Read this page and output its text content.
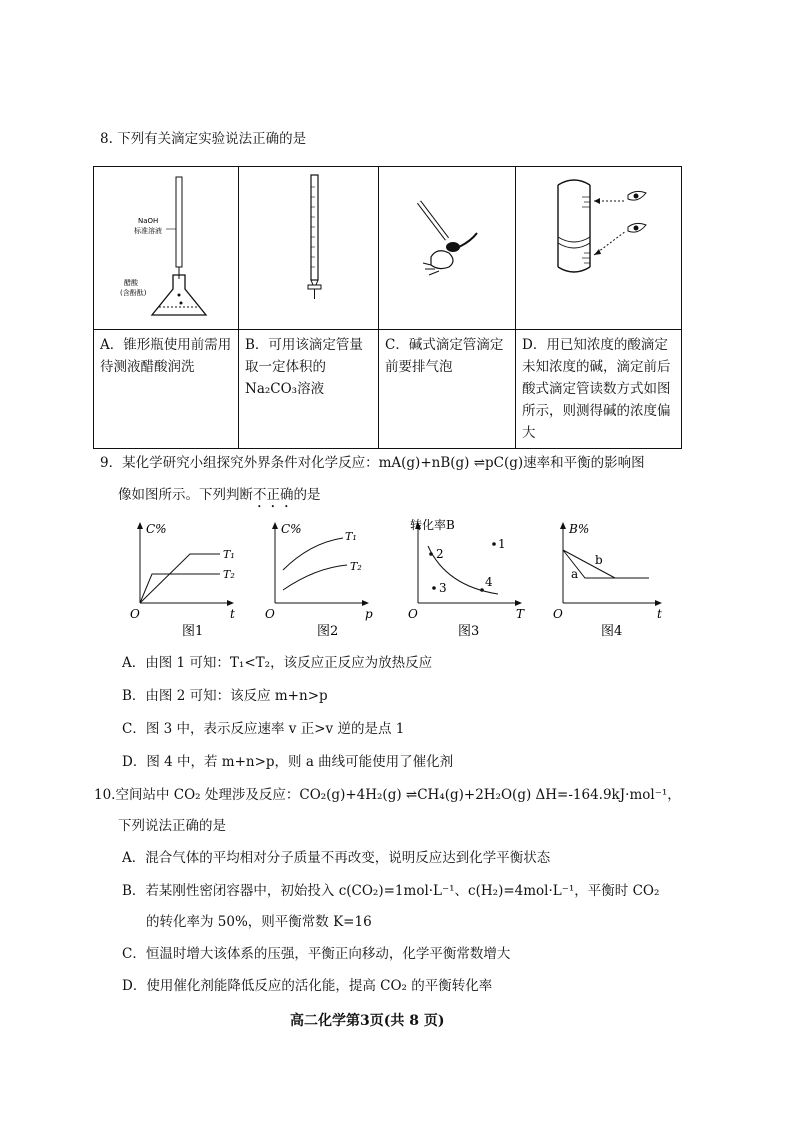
8. 下列有关滴定实验说法正确的是
NaOH
标准溶液
醋酸
(含酚酞)

A．锥形瓶使用前需用待测液醋酸润洗	B．可用该滴定管量取一定体积的Na₂CO₃溶液	C．碱式滴定管滴定前要排气泡	D．用已知浓度的酸滴定未知浓度的碱，滴定前后酸式滴定管读数方式如图所示，则测得碱的浓度偏大
9．某化学研究小组探究外界条件对化学反应：mA(g)+nB(g) ⇌pC(g)速率和平衡的影响图
像如图所示。下列判断不正确的是
C%
t
O
T₁
T₂
图1
C%
p
O
T₁
T₂
图2
转化率B
T
O
1
2
3	4
图3
B%
t
O
a
b
图4
A．由图 1 可知：T₁<T₂，该反应正反应为放热反应
B．由图 2 可知：该反应 m+n>p
C．图 3 中，表示反应速率 v 正>v 逆的是点 1
D．图 4 中，若 m+n>p，则 a 曲线可能使用了催化剂
10.空间站中 CO₂ 处理涉及反应：CO₂(g)+4H₂(g) ⇌CH₄(g)+2H₂O(g) ΔH=-164.9kJ·mol⁻¹，
下列说法正确的是
A．混合气体的平均相对分子质量不再改变，说明反应达到化学平衡状态
B．若某刚性密闭容器中，初始投入 c(CO₂)=1mol·L⁻¹、c(H₂)=4mol·L⁻¹，平衡时 CO₂
的转化率为 50%，则平衡常数 K=16
C．恒温时增大该体系的压强，平衡正向移动，化学平衡常数增大
D．使用催化剂能降低反应的活化能，提高 CO₂ 的平衡转化率
高二化学第3页(共 8 页)
